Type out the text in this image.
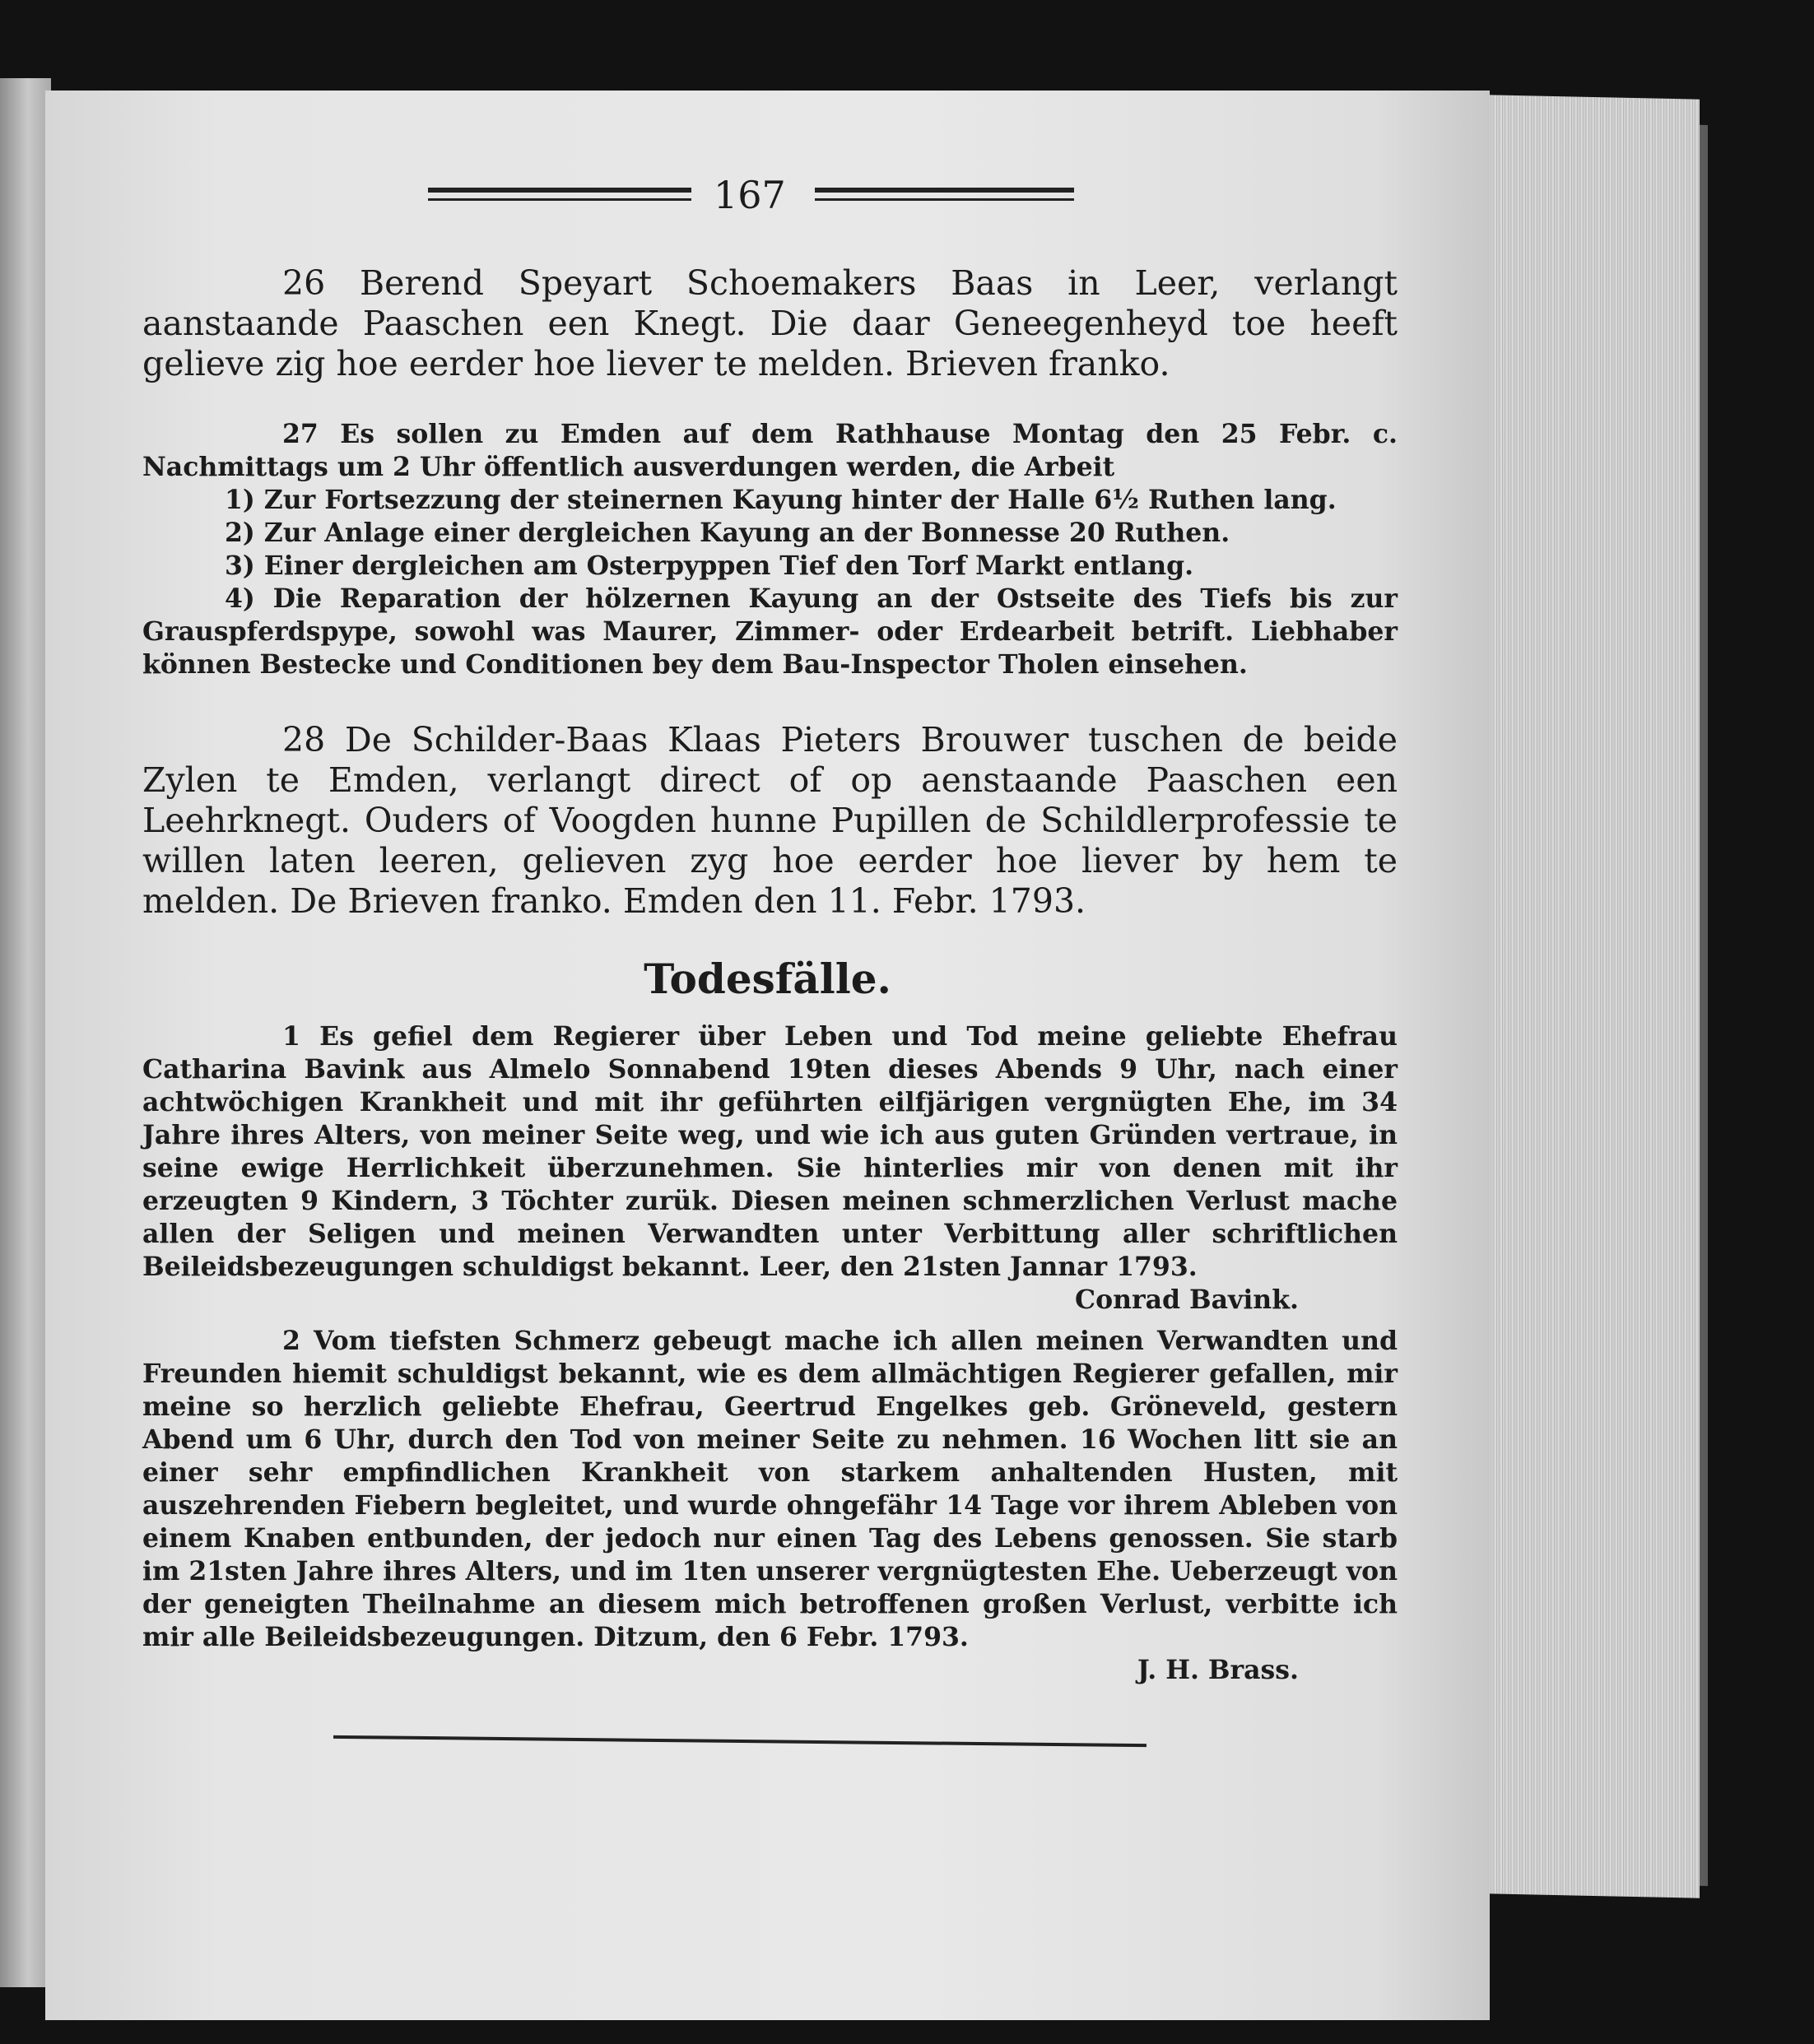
167

26 Berend Speyart Schoemakers Baas in Leer, verlangt aanstaande Paaschen een Knegt. Die daar Geneegenheyd toe heeft gelieve zig hoe eerder hoe liever te melden. Brieven franko.

27 Es sollen zu Emden auf dem Rathhause Montag den 25 Febr. c. Nachmittags um 2 Uhr öffentlich ausverdungen werden, die Arbeit

1) Zur Fortsezzung der steinernen Kayung hinter der Halle 6½ Ruthen lang.

2) Zur Anlage einer dergleichen Kayung an der Bonnesse 20 Ruthen.

3) Einer dergleichen am Osterpyppen Tief den Torf Markt entlang.

4) Die Reparation der hölzernen Kayung an der Ostseite des Tiefs bis zur Grauspferdspype, sowohl was Maurer, Zimmer- oder Erdearbeit betrift. Liebhaber können Bestecke und Conditionen bey dem Bau-Inspector Tholen einsehen.

28 De Schilder-Baas Klaas Pieters Brouwer tuschen de beide Zylen te Emden, verlangt direct of op aenstaande Paaschen een Leehrknegt. Ouders of Voogden hunne Pupillen de Schildlerprofessie te willen laten leeren, gelieven zyg hoe eerder hoe liever by hem te melden. De Brieven franko. Emden den 11. Febr. 1793.

Todesfälle.

1 Es gefiel dem Regierer über Leben und Tod meine geliebte Ehefrau Catharina Bavink aus Almelo Sonnabend 19ten dieses Abends 9 Uhr, nach einer achtwöchigen Krankheit und mit ihr geführten eilfjärigen vergnügten Ehe, im 34 Jahre ihres Alters, von meiner Seite weg, und wie ich aus guten Gründen vertraue, in seine ewige Herrlichkeit überzunehmen. Sie hinterlies mir von denen mit ihr erzeugten 9 Kindern, 3 Töchter zurük. Diesen meinen schmerzlichen Verlust mache allen der Seligen und meinen Verwandten unter Verbittung aller schriftlichen Beileidsbezeugungen schuldigst bekannt. Leer, den 21sten Jannar 1793.

Conrad Bavink.

2 Vom tiefsten Schmerz gebeugt mache ich allen meinen Verwandten und Freunden hiemit schuldigst bekannt, wie es dem allmächtigen Regierer gefallen, mir meine so herzlich geliebte Ehefrau, Geertrud Engelkes geb. Gröneveld, gestern Abend um 6 Uhr, durch den Tod von meiner Seite zu nehmen. 16 Wochen litt sie an einer sehr empfindlichen Krankheit von starkem anhaltenden Husten, mit auszehrenden Fiebern begleitet, und wurde ohngefähr 14 Tage vor ihrem Ableben von einem Knaben entbunden, der jedoch nur einen Tag des Lebens genossen. Sie starb im 21sten Jahre ihres Alters, und im 1ten unserer vergnügtesten Ehe. Ueberzeugt von der geneigten Theilnahme an diesem mich betroffenen großen Verlust, verbitte ich mir alle Beileidsbezeugungen. Ditzum, den 6 Febr. 1793.

J. H. Brass.
